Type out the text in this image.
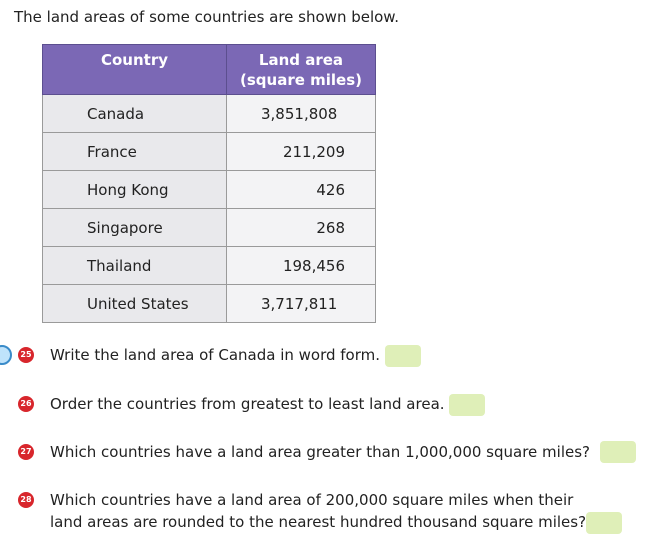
The land areas of some countries are shown below.
Country	Land area
(square miles)
Canada	3,851,808
France	211,209
Hong Kong	426
Singapore	268
Thailand	198,456
United States	3,717,811
25 Write the land area of Canada in word form.
26 Order the countries from greatest to least land area.
27 Which countries have a land area greater than 1,000,000 square miles?
28 Which countries have a land area of 200,000 square miles when their
land areas are rounded to the nearest hundred thousand square miles?
